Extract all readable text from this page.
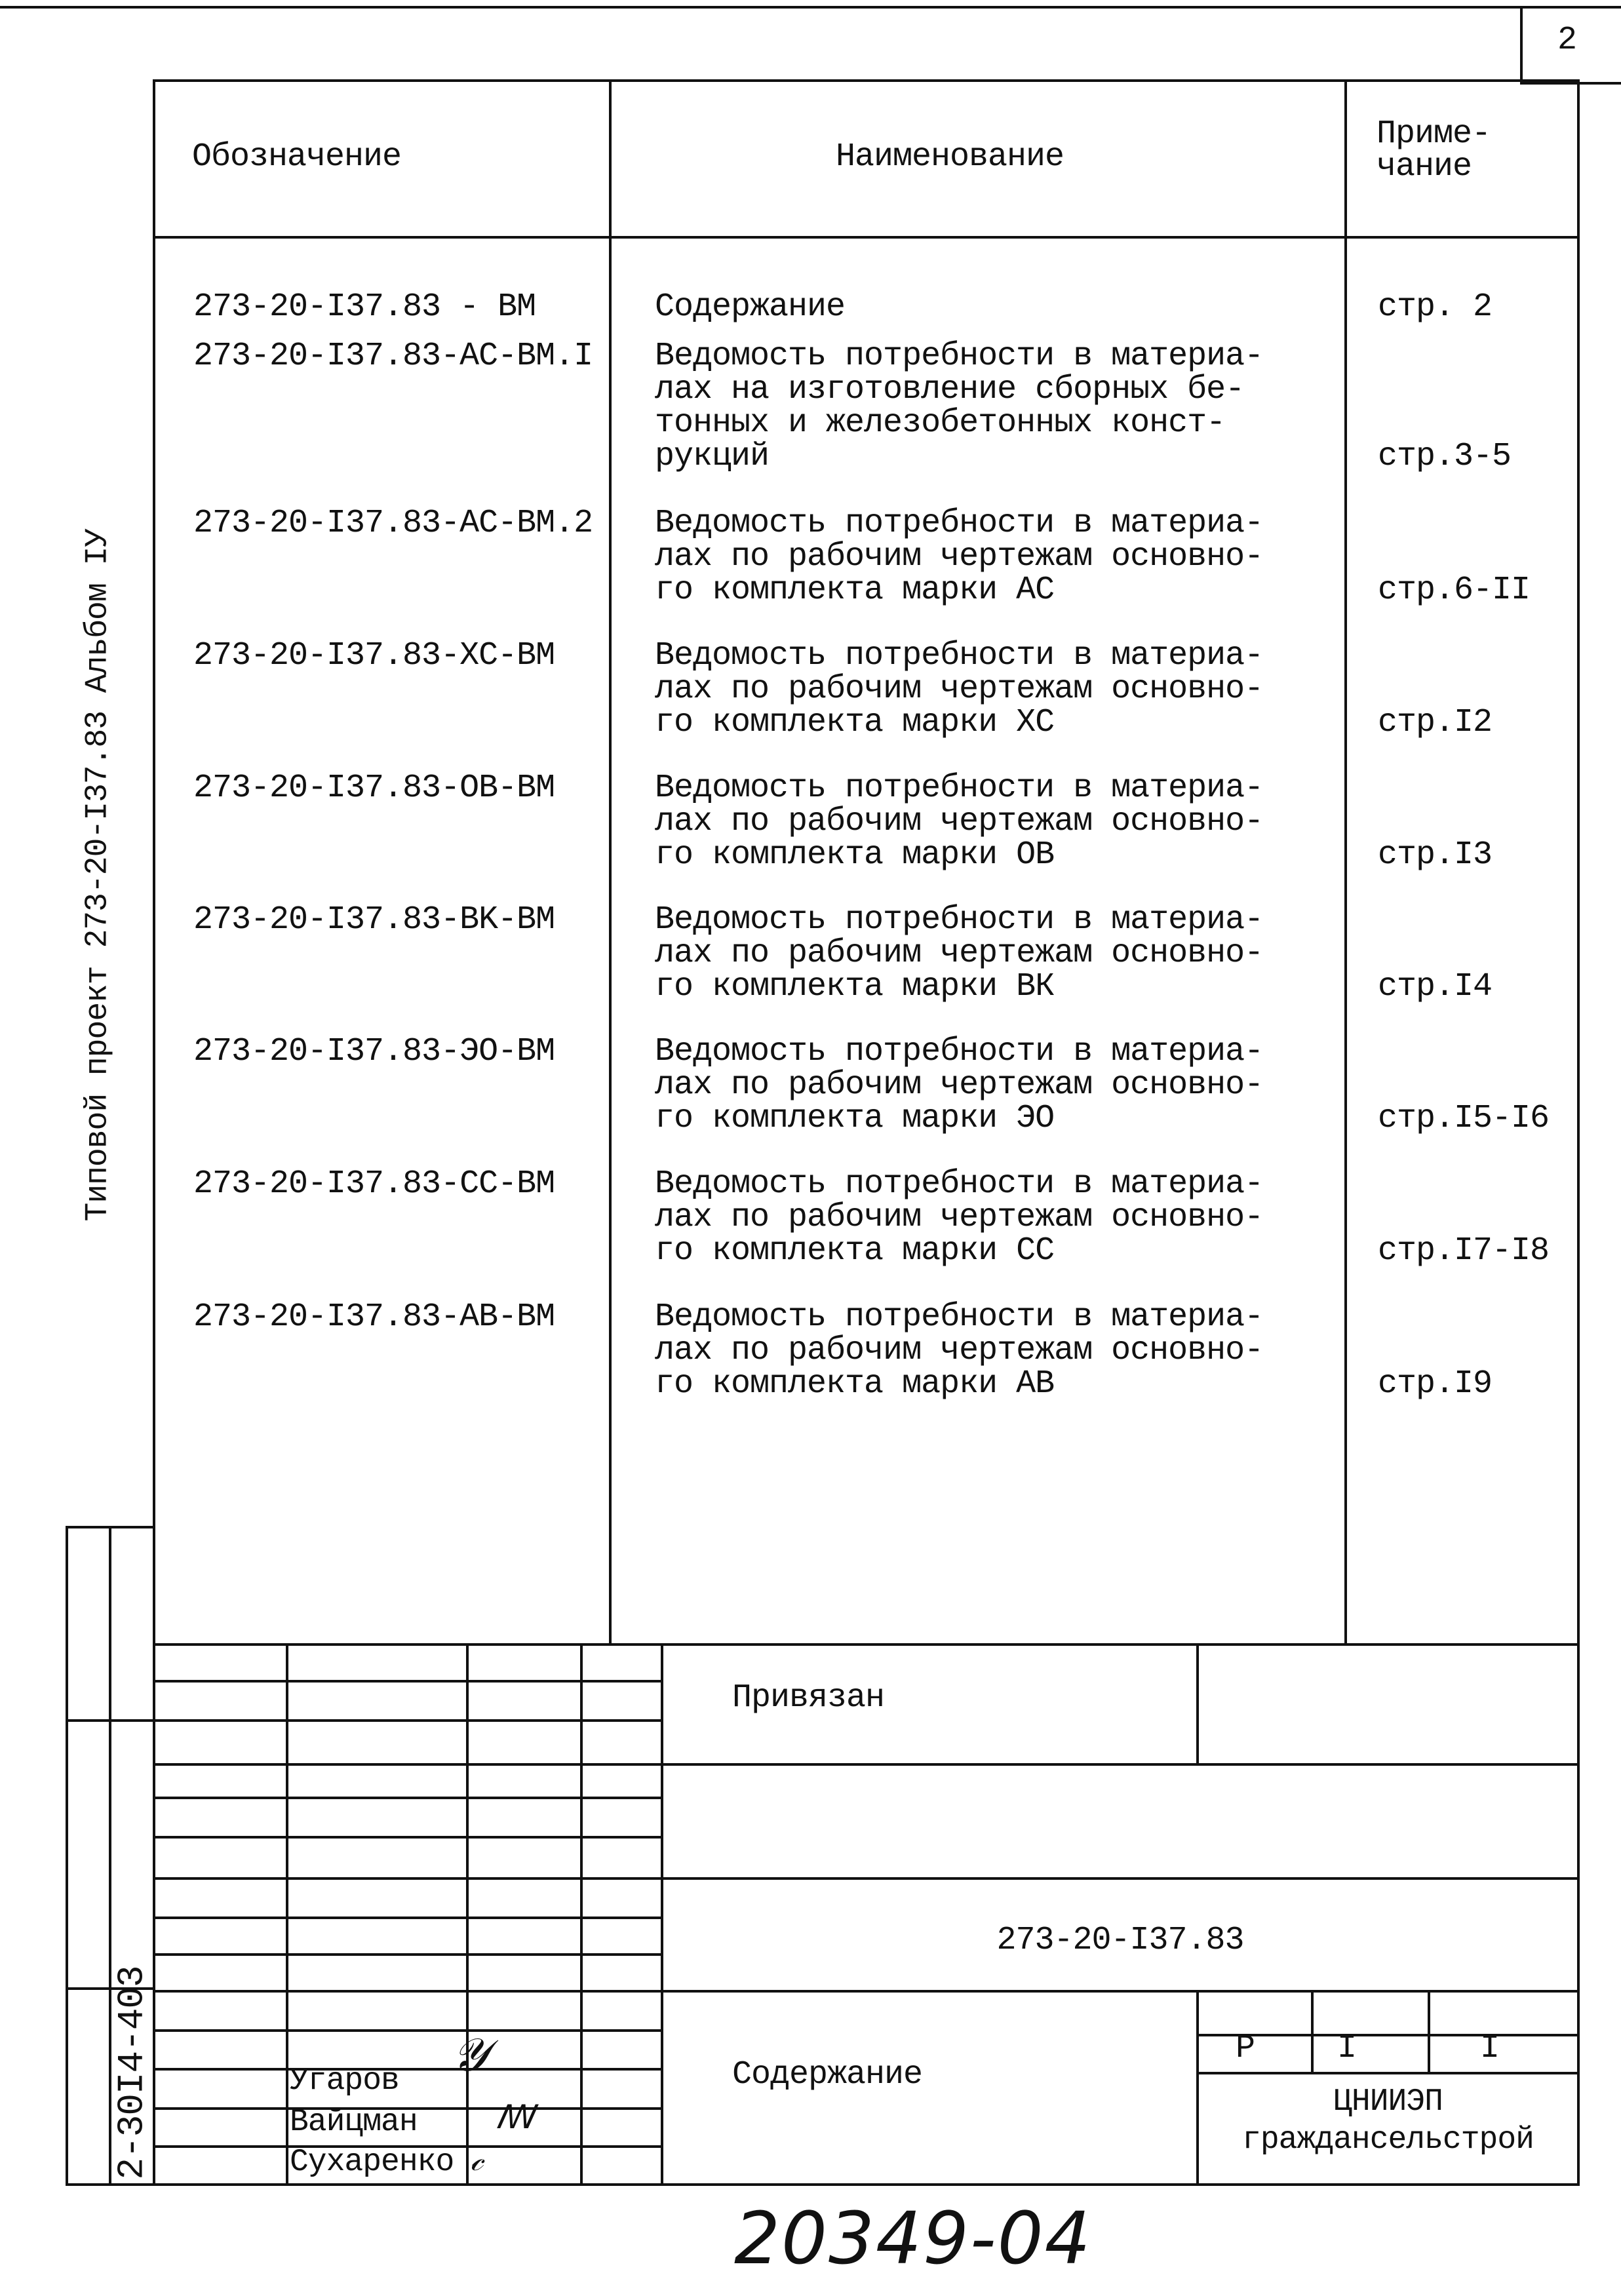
2
Обозначение	Наименование
Приме-
чание
273-20-I37.83 - BM	Содержание	стр. 2
273-20-I37.83-AC-BM.I Ведомость потребности в материа-
лах на изготовление сборных бе-
тонных и железобетонных конст-
рукций	стр.3-5
273-20-I37.83-AC-BM.2 Ведомость потребности в материа-
лах по рабочим чертежам основно-
го комплекта марки АС	стр.6-II
273-20-I37.83-XC-BM	Ведомость потребности в материа-
лах по рабочим чертежам основно-
го комплекта марки ХС	стр.I2
273-20-I37.83-OB-BM	Ведомость потребности в материа-
лах по рабочим чертежам основно-
го комплекта марки ОВ	стр.I3
273-20-I37.83-BK-BM	Ведомость потребности в материа-
лах по рабочим чертежам основно-
го комплекта марки ВК	стр.I4
273-20-I37.83-ЭО-BM	Ведомость потребности в материа-
лах по рабочим чертежам основно-
го комплекта марки ЭО	стр.I5-I6
273-20-I37.83-CC-BM	Ведомость потребности в материа-
лах по рабочим чертежам основно-
го комплекта марки СС	стр.I7-I8
273-20-I37.83-AB-BM	Ведомость потребности в материа-
лах по рабочим чертежам основно-
го комплекта марки АВ	стр.I9
Типовой проект 273-20-I37.83 Альбом IУ
2-30I4-403	Угаров
Вайцман
Сухаренко
𝒴
ꟿ
𝒸
Привязан
273-20-I37.83
Содержание
Р	I	I
ЦНИИЭП
гражданcельстрой
20349-04
